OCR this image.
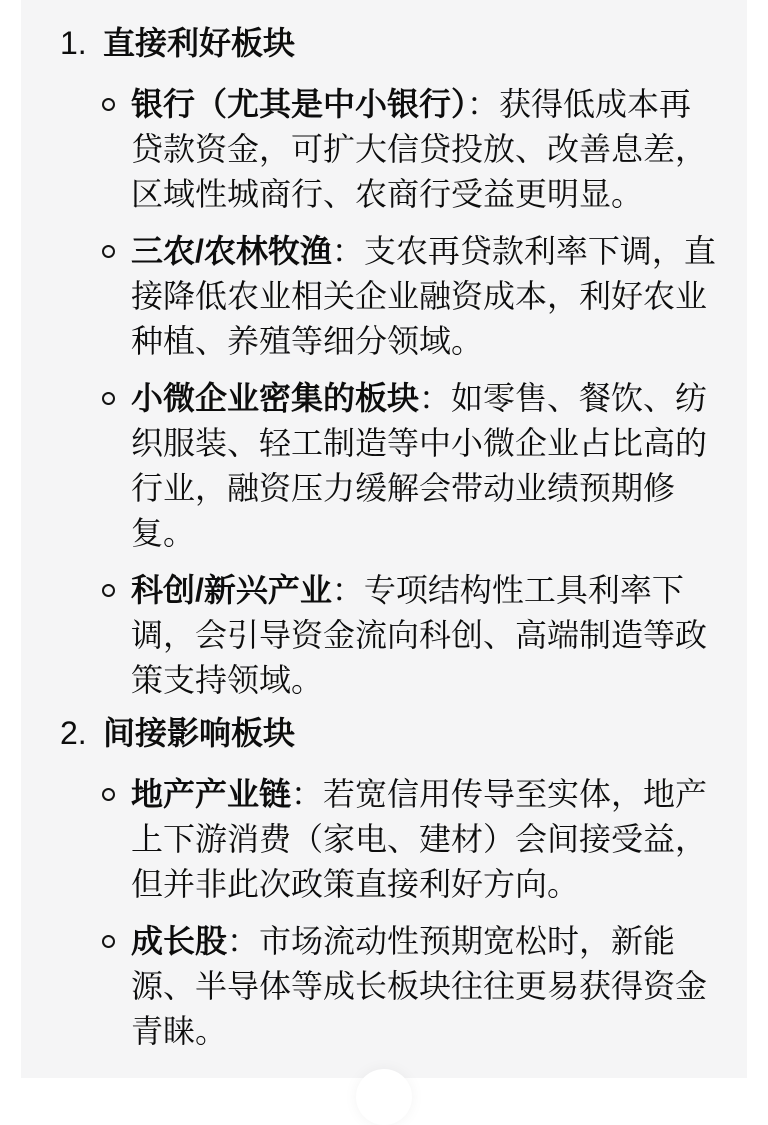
1. 直接利好板块

银行（尤其是中小银行）：获得低成本再贷款资金，可扩大信贷投放、改善息差，区域性城商行、农商行受益更明显。

三农/农林牧渔：支农再贷款利率下调，直接降低农业相关企业融资成本，利好农业种植、养殖等细分领域。

小微企业密集的板块：如零售、餐饮、纺织服装、轻工制造等中小微企业占比高的行业，融资压力缓解会带动业绩预期修复。

科创/新兴产业：专项结构性工具利率下调，会引导资金流向科创、高端制造等政策支持领域。

2. 间接影响板块

地产产业链：若宽信用传导至实体，地产上下游消费（家电、建材）会间接受益，但并非此次政策直接利好方向。

成长股：市场流动性预期宽松时，新能源、半导体等成长板块往往更易获得资金青睐。
